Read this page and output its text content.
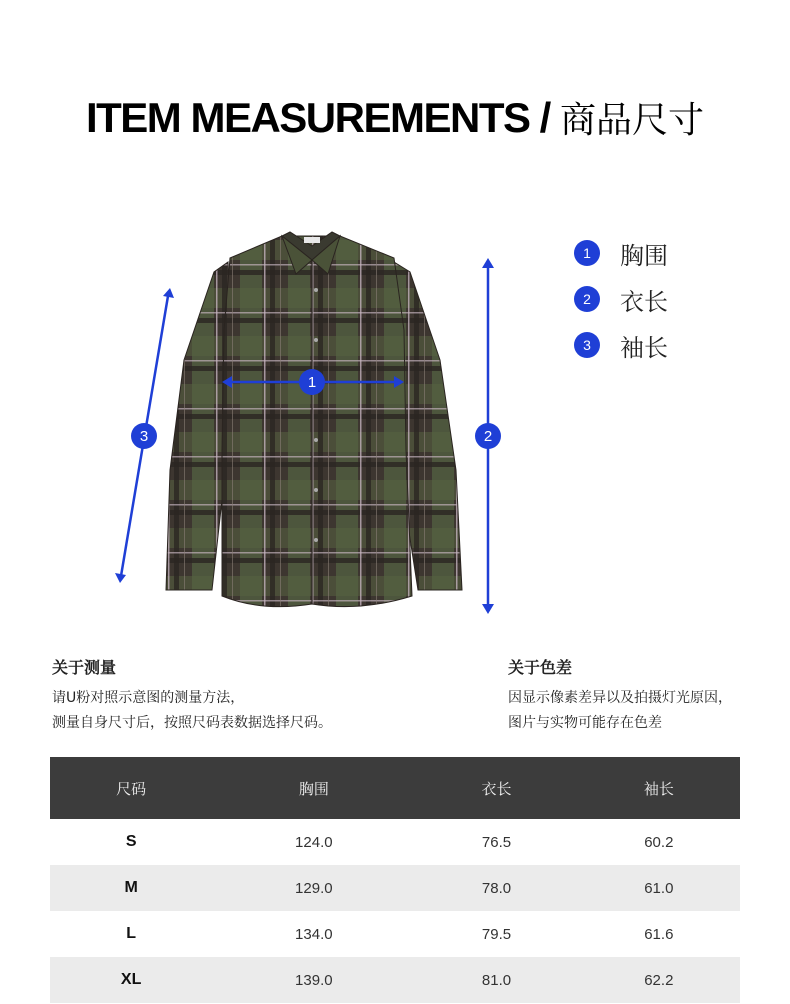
ITEM MEASUREMENTS / 商品尺寸
1	胸围
2	衣长
3	袖长
1
2
3
关于测量
请U粉对照示意图的测量方法，
测量自身尺寸后，按照尺码表数据选择尺码。
关于色差
因显示像素差异以及拍摄灯光原因，
图片与实物可能存在色差
尺码	胸围	衣长	袖长
S	124.0	76.5	60.2
M	129.0	78.0	61.0
L	134.0	79.5	61.6
XL	139.0	81.0	62.2
